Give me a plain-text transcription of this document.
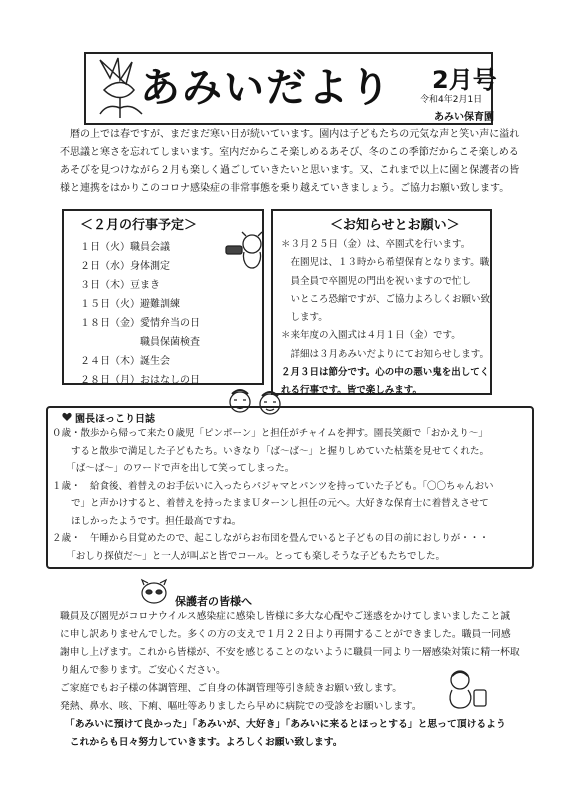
あみいだより 2月号
令和4年2月1日
あみい保育園
　暦の上では春ですが、まだまだ寒い日が続いています。園内は子どもたちの元気な声と笑い声に溢れ
不思議と寒さを忘れてしまいます。室内だからこそ楽しめるあそび、冬のこの季節だからこそ楽しめる
あそびを見つけながら２月も楽しく過ごしていきたいと思います。又、これまで以上に園と保護者の皆
様と連携をはかりこのコロナ感染症の非常事態を乗り越えていきましょう。ご協力お願い致します。
＜２月の行事予定＞
１日（火）職員会議
２日（水）身体測定
３日（木）豆まき
１５日（火）避難訓練
１８日（金）愛情弁当の日
　　　　　　職員保菌検査
２４日（木）誕生会
２８日（月）おはなしの日
＜お知らせとお願い＞
＊３月２５日（金）は、卒園式を行います。
　在園児は、１３時から希望保育となります。職
　員全員で卒園児の門出を祝いますので忙し
　いところ恐縮ですが、ご協力よろしくお願い致
　します。
＊来年度の入園式は４月１日（金）です。
　詳細は３月あみいだよりにてお知らせします。
２月３日は節分です。心の中の悪い鬼を出してく
れる行事です。皆で楽しみます。
園長ほっこり日誌
０歳・散歩から帰って来た０歳児「ピンポーン」と担任がチャイムを押す。園長笑顔で「おかえり～」
　　すると散歩で満足した子どもたち。いきなり「ば～ば～」と握りしめていた枯葉を見せてくれた。
　　「ば～ば～」のワードで声を出して笑ってしまった。
１歳・　給食後、着替えのお手伝いに入ったらパジャマとパンツを持っていた子ども。「〇〇ちゃんおい
　　で」と声かけすると、着替えを持ったままＵターンし担任の元へ。大好きな保育士に着替えさせて
　　ほしかったようです。担任最高ですね。
２歳・　午睡から目覚めたので、起こしながらお布団を畳んでいると子どもの目の前におしりが・・・
　　「おしり探偵だ～」と一人が叫ぶと皆でコール。とっても楽しそうな子どもたちでした。
保護者の皆様へ
職員及び園児がコロナウイルス感染症に感染し皆様に多大な心配やご迷惑をかけてしまいましたこと誠
に申し訳ありませんでした。多くの方の支えで１月２２日より再開することができました。職員一同感
謝申し上げます。これから皆様が、不安を感じることのないように職員一同より一層感染対策に精一杯取
り組んで参ります。ご安心ください。
ご家庭でもお子様の体調管理、ご自身の体調管理等引き続きお願い致します。
発熱、鼻水、咳、下痢、嘔吐等ありましたら早めに病院での受診をお願いします。
　「あみいに預けて良かった」「あみいが、大好き」「あみいに来るとほっとする」と思って頂けるよう
　これからも日々努力していきます。よろしくお願い致します。
